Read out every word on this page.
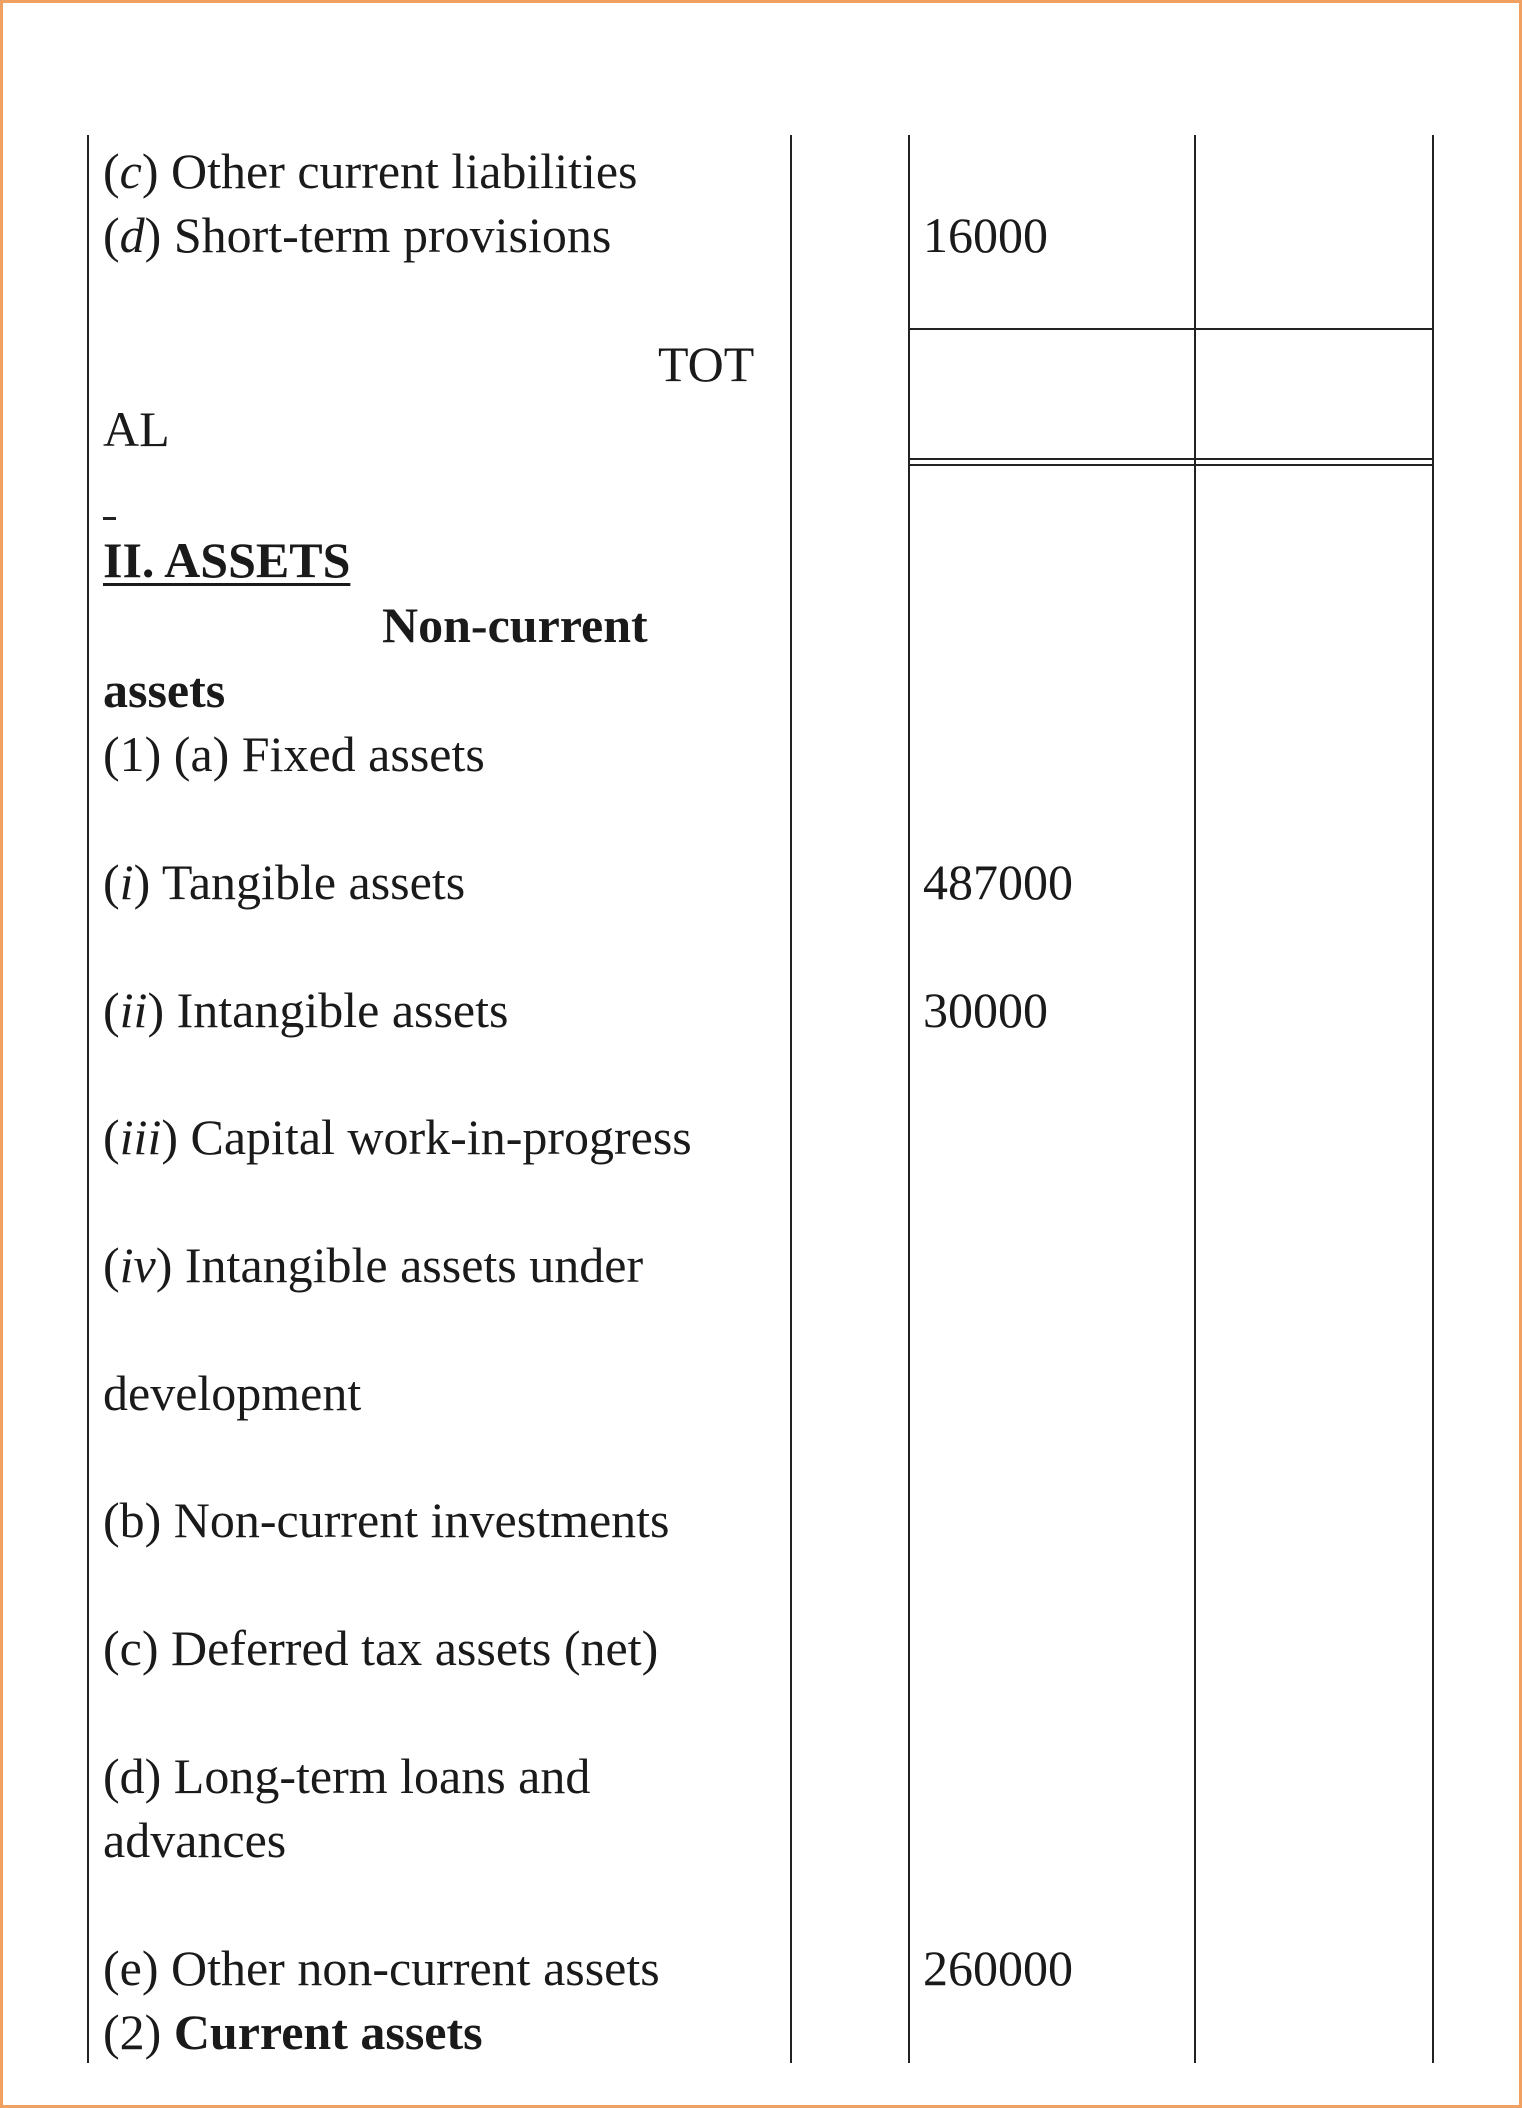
(c) Other current liabilities
(d) Short-term provisions	16000
TOT
AL
II. ASSETS
Non-current
assets
(1) (a) Fixed assets
(i) Tangible assets	487000
(ii) Intangible assets	30000
(iii) Capital work-in-progress
(iv) Intangible assets under
development
(b) Non-current investments
(c) Deferred tax assets (net)
(d) Long-term loans and
advances
(e) Other non-current assets	260000
(2) Current assets
